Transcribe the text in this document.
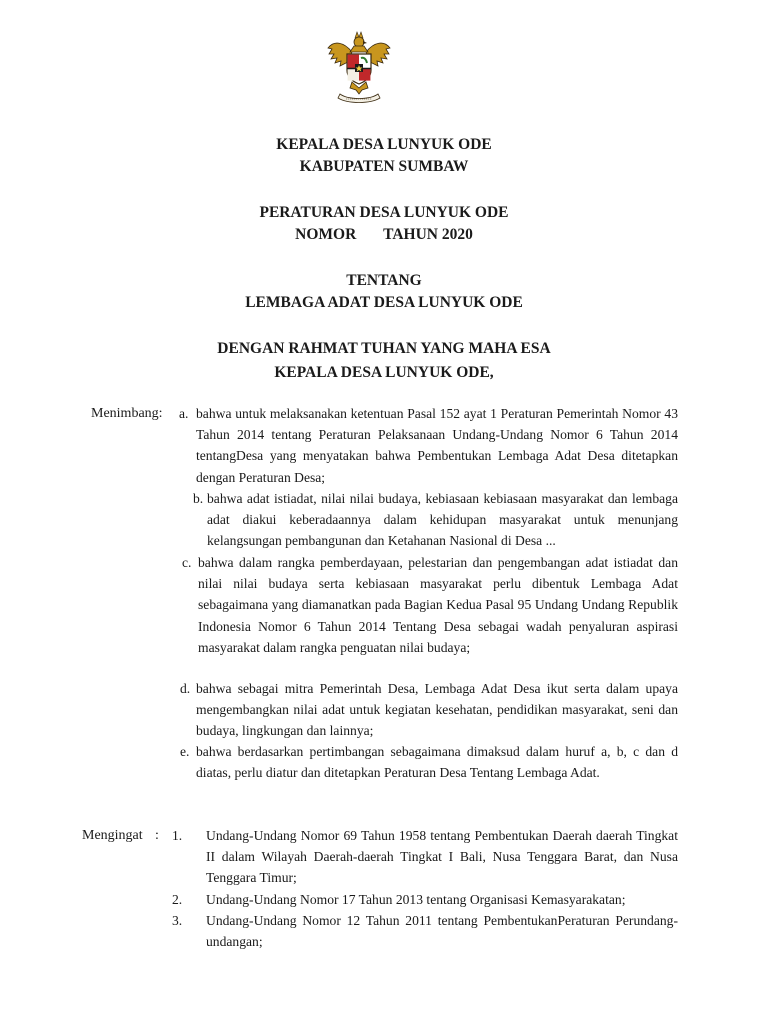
KEPALA DESA LUNYUK ODE
KABUPATEN SUMBAW
PERATURAN DESA LUNYUK ODE
NOMOR       TAHUN 2020
TENTANG
LEMBAGA ADAT DESA LUNYUK ODE
DENGAN RAHMAT TUHAN YANG MAHA ESA
KEPALA DESA LUNYUK ODE,
Menimbang: a. bahwa untuk melaksanakan ketentuan Pasal 152 ayat 1 Peraturan Pemerintah Nomor 43 Tahun 2014 tentang Peraturan Pelaksanaan Undang-Undang Nomor 6 Tahun 2014 tentangDesa yang menyatakan bahwa Pembentukan Lembaga Adat Desa ditetapkan dengan Peraturan Desa;
b. bahwa adat istiadat, nilai nilai budaya, kebiasaan kebiasaan masyarakat dan lembaga adat diakui keberadaannya dalam kehidupan masyarakat untuk menunjang kelangsungan pembangunan dan Ketahanan Nasional di Desa ...
c. bahwa dalam rangka pemberdayaan, pelestarian dan pengembangan adat istiadat dan nilai nilai budaya serta kebiasaan masyarakat perlu dibentuk Lembaga Adat sebagaimana yang diamanatkan pada Bagian Kedua Pasal 95 Undang Undang Republik Indonesia Nomor 6 Tahun 2014 Tentang Desa sebagai wadah penyaluran aspirasi masyarakat dalam rangka penguatan nilai budaya;
d. bahwa sebagai mitra Pemerintah Desa, Lembaga Adat Desa ikut serta dalam upaya mengembangkan nilai adat untuk kegiatan kesehatan, pendidikan masyarakat, seni dan budaya, lingkungan dan lainnya;
e. bahwa berdasarkan pertimbangan sebagaimana dimaksud dalam huruf a, b, c dan d diatas, perlu diatur dan ditetapkan Peraturan Desa Tentang Lembaga Adat.
Mengingat : 1. Undang-Undang Nomor 69 Tahun 1958 tentang Pembentukan Daerah daerah Tingkat II dalam Wilayah Daerah-daerah Tingkat I Bali, Nusa Tenggara Barat, dan Nusa Tenggara Timur;
2. Undang-Undang Nomor 17 Tahun 2013 tentang Organisasi Kemasyarakatan;
3. Undang-Undang Nomor 12 Tahun 2011 tentang PembentukanPeraturan Perundang-undangan;
